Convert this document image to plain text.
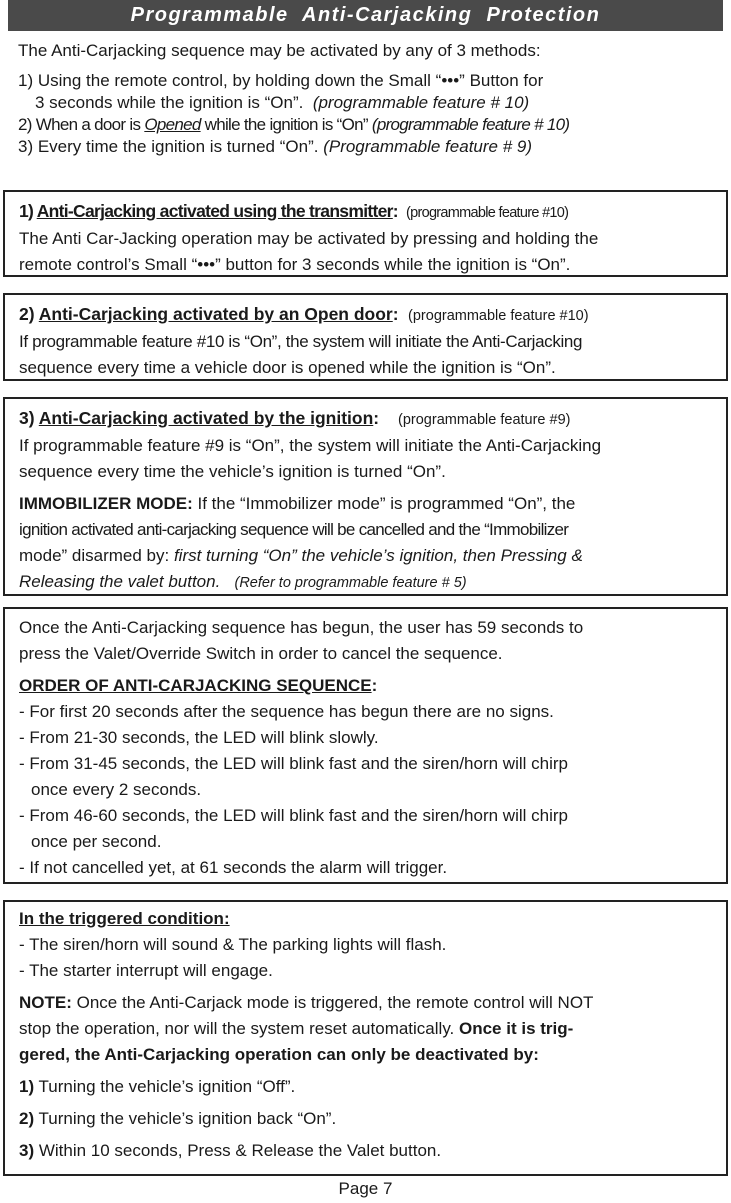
Programmable  Anti-Carjacking  Protection

The Anti-Carjacking sequence may be activated by any of 3 methods:

1) Using the remote control, by holding down the Small “•••” Button for

3 seconds while the ignition is “On”. (programmable feature # 10)

2) When a door is Opened while the ignition is “On” (programmable feature # 10)

3) Every time the ignition is turned “On”. (Programmable feature # 9)

1) Anti-Carjacking activated using the transmitter: (programmable feature #10)

The Anti Car-Jacking operation may be activated by pressing and holding the

remote control’s Small “•••” button for 3 seconds while the ignition is “On”.

2) Anti-Carjacking activated by an Open door: (programmable feature #10)

If programmable feature #10 is “On”, the system will initiate the Anti-Carjacking

sequence every time a vehicle door is opened while the ignition is “On”.

3) Anti-Carjacking activated by the ignition: (programmable feature #9)

If programmable feature #9 is “On”, the system will initiate the Anti-Carjacking

sequence every time the vehicle’s ignition is turned “On”.

IMMOBILIZER MODE: If the “Immobilizer mode” is programmed “On”, the

ignition activated anti-carjacking sequence will be cancelled and the “Immobilizer

mode” disarmed by: first turning “On” the vehicle’s ignition, then Pressing &

Releasing the valet button. (Refer to programmable feature # 5)

Once the Anti-Carjacking sequence has begun, the user has 59 seconds to

press the Valet/Override Switch in order to cancel the sequence.

ORDER OF ANTI-CARJACKING SEQUENCE:

- For first 20 seconds after the sequence has begun there are no signs.

- From 21-30 seconds, the LED will blink slowly.

- From 31-45 seconds, the LED will blink fast and the siren/horn will chirp

once every 2 seconds.

- From 46-60 seconds, the LED will blink fast and the siren/horn will chirp

once per second.

- If not cancelled yet, at 61 seconds the alarm will trigger.

In the triggered condition:

- The siren/horn will sound & The parking lights will flash.

- The starter interrupt will engage.

NOTE: Once the Anti-Carjack mode is triggered, the remote control will NOT

stop the operation, nor will the system reset automatically. Once it is trig-

gered, the Anti-Carjacking operation can only be deactivated by:

1) Turning the vehicle’s ignition “Off”.

2) Turning the vehicle’s ignition back “On”.

3) Within 10 seconds, Press & Release the Valet button.

Page 7
